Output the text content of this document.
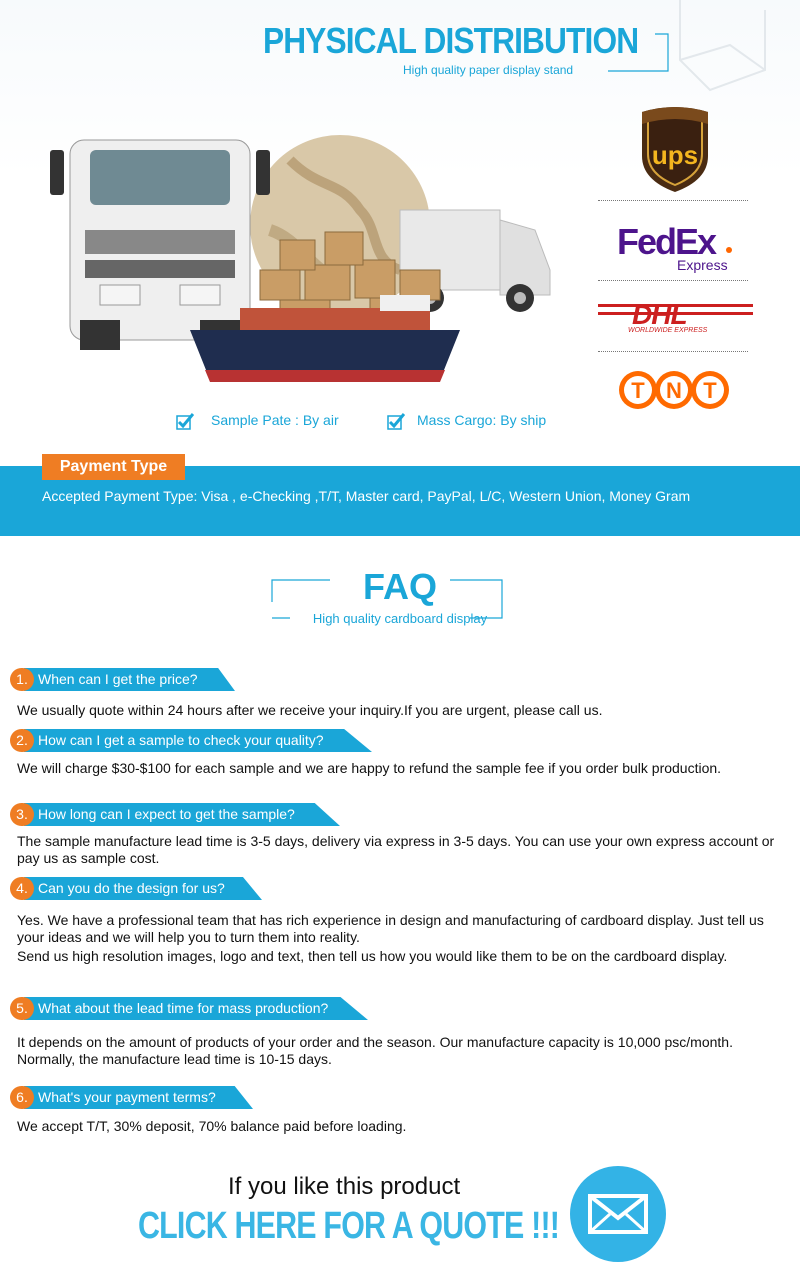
PHYSICAL DISTRIBUTION
High quality paper display stand
ups
FedEx
Express
DHL
WORLDWIDE EXPRESS
T N T
Sample Pate : By air	Mass Cargo: By ship
Payment Type
Accepted Payment Type: Visa , e-Checking ,T/T, Master card, PayPal, L/C, Western Union, Money Gram
FAQ
High quality cardboard display
1. When can I get the price?
We usually quote within 24 hours after we receive your inquiry.If you are urgent, please call us.
2. How can I get a sample to check your quality?
We will charge $30-$100 for each sample and we are happy to refund the sample fee if you order bulk production.
3. How long can I expect to get the sample?
The sample manufacture lead time is 3-5 days, delivery via express in 3-5 days. You can use your own express account or pay us as sample cost.
4. Can you do the design for us?
Yes. We have a professional team that has rich experience in design and manufacturing of cardboard display. Just tell us your ideas and we will help you to turn them into reality.
Send us high resolution images, logo and text, then tell us how you would like them to be on the cardboard display.
5. What about the lead time for mass production?
It depends on the amount of products of your order and the season. Our manufacture capacity is 10,000 psc/month. Normally, the manufacture lead time is 10-15 days.
6. What's your payment terms?
We accept T/T, 30% deposit, 70% balance paid before loading.
If you like this product
CLICK HERE FOR A QUOTE !!!
